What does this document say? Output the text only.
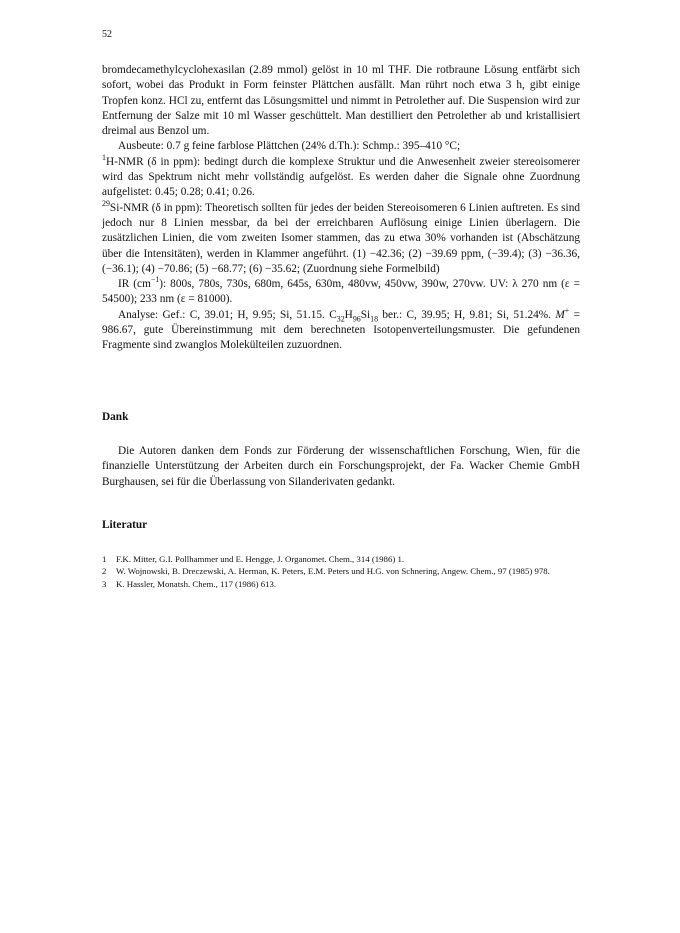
52

bromdecamethylcyclohexasilan (2.89 mmol) gelöst in 10 ml THF. Die rotbraune Lösung entfärbt sich sofort, wobei das Produkt in Form feinster Plättchen ausfällt. Man rührt noch etwa 3 h, gibt einige Tropfen konz. HCl zu, entfernt das Lösungsmittel und nimmt in Petrolether auf. Die Suspension wird zur Entfernung der Salze mit 10 ml Wasser geschüttelt. Man destilliert den Petrolether ab und kristallisiert dreimal aus Benzol um.

Ausbeute: 0.7 g feine farblose Plättchen (24% d.Th.): Schmp.: 395–410 °C;

$^1$H-NMR (δ in ppm): bedingt durch die komplexe Struktur und die Anwesenheit zweier stereoisomerer wird das Spektrum nicht mehr vollständig aufgelöst. Es werden daher die Signale ohne Zuordnung aufgelistet: 0.45; 0.28; 0.41; 0.26.

$^{29}$Si-NMR (δ in ppm): Theoretisch sollten für jedes der beiden Stereoisomeren 6 Linien auftreten. Es sind jedoch nur 8 Linien messbar, da bei der erreichbaren Auflösung einige Linien überlagern. Die zusätzlichen Linien, die vom zweiten Isomer stammen, das zu etwa 30% vorhanden ist (Abschätzung über die Intensitäten), werden in Klammer angeführt. (1) −42.36; (2) −39.69 ppm, (−39.4); (3) −36.36, (−36.1); (4) −70.86; (5) −68.77; (6) −35.62; (Zuordnung siehe Formelbild)

IR $(cm^{-1})$: 800s, 780s, 730s, 680m, 645s, 630m, 480vw, 450vw, 390w, 270vw. UV: λ 270 nm (ε = 54500); 233 nm (ε = 81000).

Analyse: Gef.: C, 39.01; H, 9.95; Si, 51.15. $C_{32}H_{96}Si_{18}$ ber.: C, 39.95; H, 9.81; Si, 51.24%. M+ = 986.67, gute Übereinstimmung mit dem berechneten Isotopenverteilungsmuster. Die gefundenen Fragmente sind zwanglos Molekülteilen zuzuordnen.

Dank

Die Autoren danken dem Fonds zur Förderung der wissenschaftlichen Forschung, Wien, für die finanzielle Unterstützung der Arbeiten durch ein Forschungsprojekt, der Fa. Wacker Chemie GmbH Burghausen, sei für die Überlassung von Silanderivaten gedankt.

Literatur
1 F.K. Mitter, G.I. Pollhammer und E. Hengge, J. Organomet. Chem., 314 (1986) 1.
2 W. Wojnowski, B. Dreczewski, A. Herman, K. Peters, E.M. Peters und H.G. von Schnering, Angew. Chem., 97 (1985) 978.
3 K. Hassler, Monatsh. Chem., 117 (1986) 613.
